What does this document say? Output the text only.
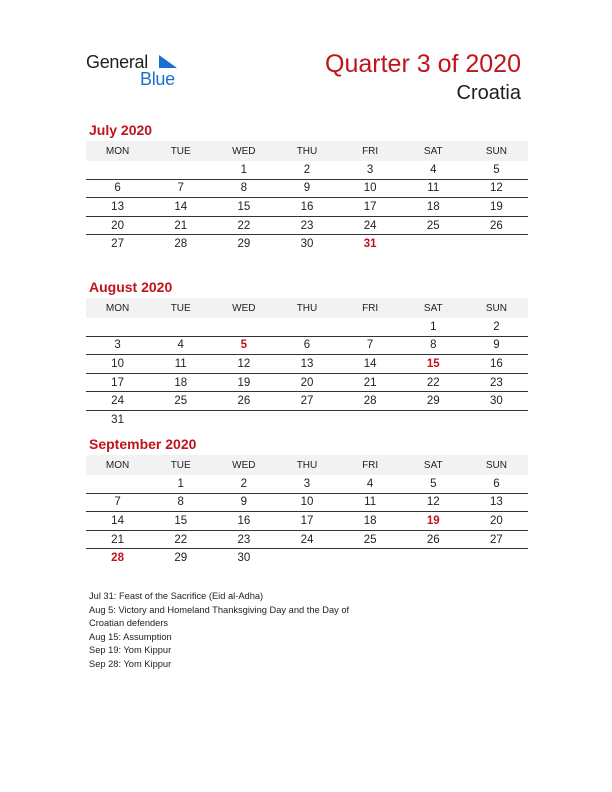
General
Blue
Quarter 3 of 2020
Croatia
July 2020
MON	TUE	WED	THU	FRI	SAT	SUN
		1	2	3	4	5
6	7	8	9	10	11	12
13	14	15	16	17	18	19
20	21	22	23	24	25	26
27	28	29	30	31		
August 2020
MON	TUE	WED	THU	FRI	SAT	SUN
					1	2
3	4	5	6	7	8	9
10	11	12	13	14	15	16
17	18	19	20	21	22	23
24	25	26	27	28	29	30
31						
September 2020
MON	TUE	WED	THU	FRI	SAT	SUN
	1	2	3	4	5	6
7	8	9	10	11	12	13
14	15	16	17	18	19	20
21	22	23	24	25	26	27
28	29	30				
Jul 31: Feast of the Sacrifice (Eid al-Adha)
Aug 5: Victory and Homeland Thanksgiving Day and the Day of
Croatian defenders
Aug 15: Assumption
Sep 19: Yom Kippur
Sep 28: Yom Kippur
